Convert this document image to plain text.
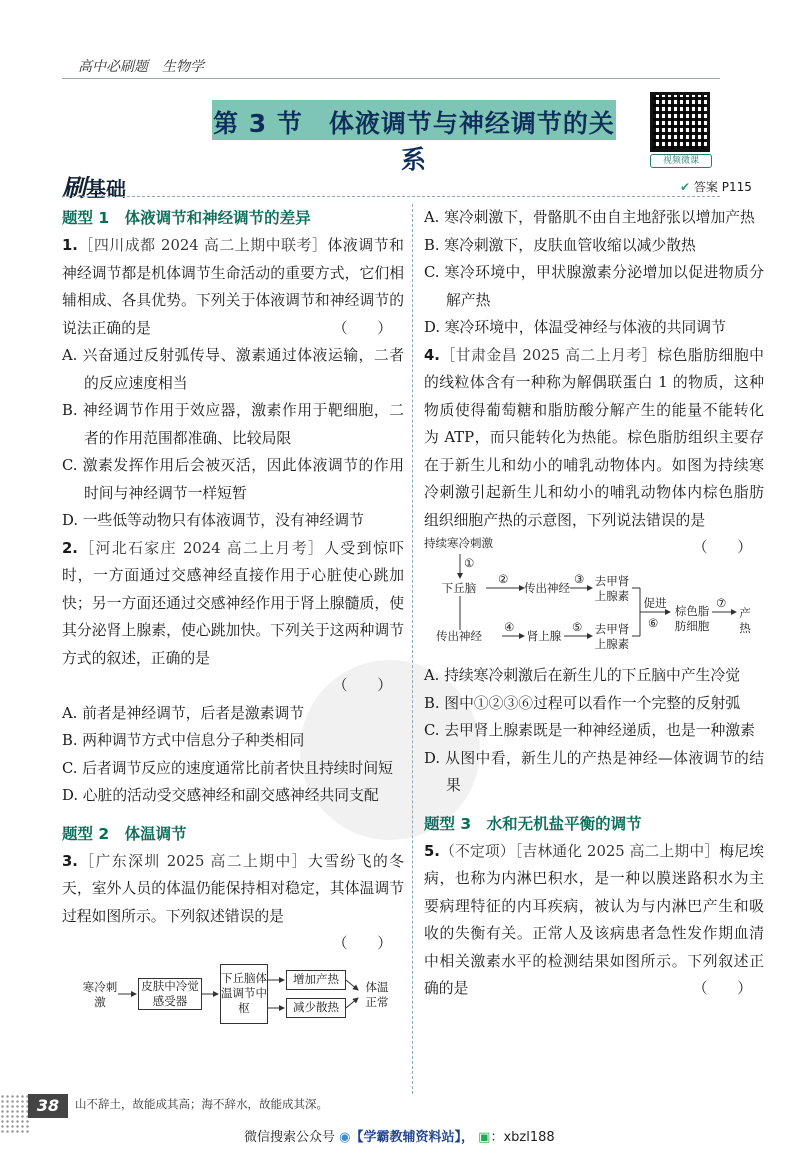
高中必刷题　生物学
第 3 节　体液调节与神经调节的关系	视频微课
刷基础	✔ 答案 P115
题型 1　体液调节和神经调节的差异
1.［四川成都 2024 高二上期中联考］体液调节和神经调节都是机体调节生命活动的重要方式，它们相辅相成、各具优势。下列关于体液调节和神经调节的说法正确的是	（　　）
A. 兴奋通过反射弧传导、激素通过体液运输，二者的反应速度相当
B. 神经调节作用于效应器，激素作用于靶细胞，二者的作用范围都准确、比较局限
C. 激素发挥作用后会被灭活，因此体液调节的作用时间与神经调节一样短暂
D. 一些低等动物只有体液调节，没有神经调节
2.［河北石家庄 2024 高二上月考］人受到惊吓时，一方面通过交感神经直接作用于心脏使心跳加快；另一方面还通过交感神经作用于肾上腺髓质，使其分泌肾上腺素，使心跳加快。下列关于这两种调节方式的叙述，正确的是
（　　）
A. 前者是神经调节，后者是激素调节
B. 两种调节方式中信息分子种类相同
C. 后者调节反应的速度通常比前者快且持续时间短
D. 心脏的活动受交感神经和副交感神经共同支配
题型 2　体温调节
3.［广东深圳 2025 高二上期中］大雪纷飞的冬天，室外人员的体温仍能保持相对稳定，其体温调节过程如图所示。下列叙述错误的是
（　　）
寒冷刺激
皮肤中冷觉感受器
下丘脑体温调节中枢
增加产热
减少散热
体温正常
A. 寒冷刺激下，骨骼肌不由自主地舒张以增加产热
B. 寒冷刺激下，皮肤血管收缩以减少散热
C. 寒冷环境中，甲状腺激素分泌增加以促进物质分解产热
D. 寒冷环境中，体温受神经与体液的共同调节
4.［甘肃金昌 2025 高二上月考］棕色脂肪细胞中的线粒体含有一种称为解偶联蛋白 1 的物质，这种物质使得葡萄糖和脂肪酸分解产生的能量不能转化为 ATP，而只能转化为热能。棕色脂肪组织主要存在于新生儿和幼小的哺乳动物体内。如图为持续寒冷刺激引起新生儿和幼小的哺乳动物体内棕色脂肪组织细胞产热的示意图，下列说法错误的是
（　　）
持续寒冷刺激
①
下丘脑
②
传出神经
③ 去甲肾上腺素
传出神经
④
肾上腺
⑤ 去甲肾上腺素
促进
⑥
棕色脂肪细胞
⑦
产热
A. 持续寒冷刺激后在新生儿的下丘脑中产生冷觉
B. 图中①②③⑥过程可以看作一个完整的反射弧
C. 去甲肾上腺素既是一种神经递质，也是一种激素
D. 从图中看，新生儿的产热是神经—体液调节的结果
题型 3　水和无机盐平衡的调节
5.（不定项）［吉林通化 2025 高二上期中］梅尼埃病，也称为内淋巴积水，是一种以膜迷路积水为主要病理特征的内耳疾病，被认为与内淋巴产生和吸收的失衡有关。正常人及该病患者急性发作期血清中相关激素水平的检测结果如图所示。下列叙述正确的是	（　　）
38	山不辞土，故能成其高；海不辞水，故能成其深。
微信搜索公众号 ◉【学霸教辅资料站】， ▣：xbzl188
